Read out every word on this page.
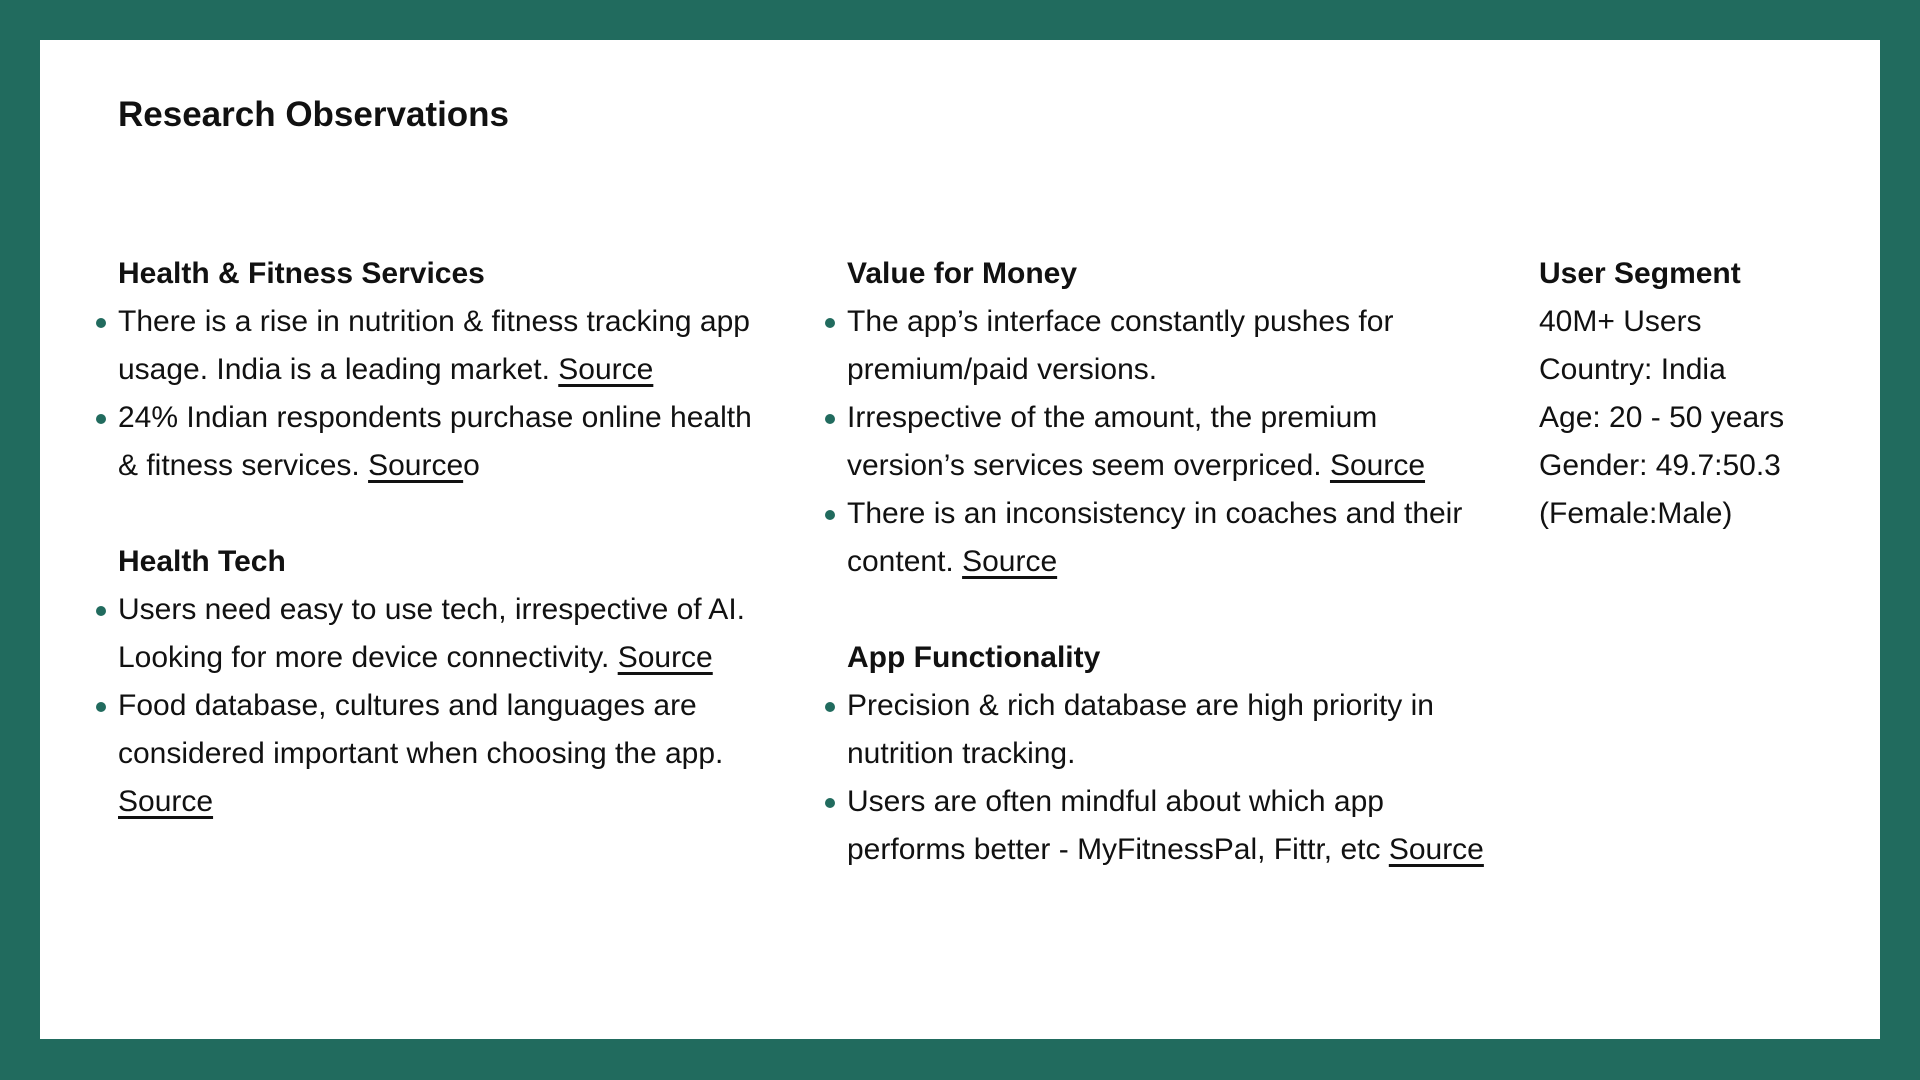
Research Observations
Health & Fitness Services
There is a rise in nutrition & fitness tracking app usage. India is a leading market. Source
24% Indian respondents purchase online health & fitness services. Sourceo
Health Tech
Users need easy to use tech, irrespective of AI. Looking for more device connectivity. Source
Food database, cultures and languages are considered important when choosing the app. Source
Value for Money
The app’s interface constantly pushes for premium/paid versions.
Irrespective of the amount, the premium version’s services seem overpriced. Source
There is an inconsistency in coaches and their content. Source
App Functionality
Precision & rich database are high priority in nutrition tracking.
Users are often mindful about which app performs better - MyFitnessPal, Fittr, etc Source
User Segment
40M+ Users
Country: India
Age: 20 - 50 years
Gender: 49.7:50.3
(Female:Male)
